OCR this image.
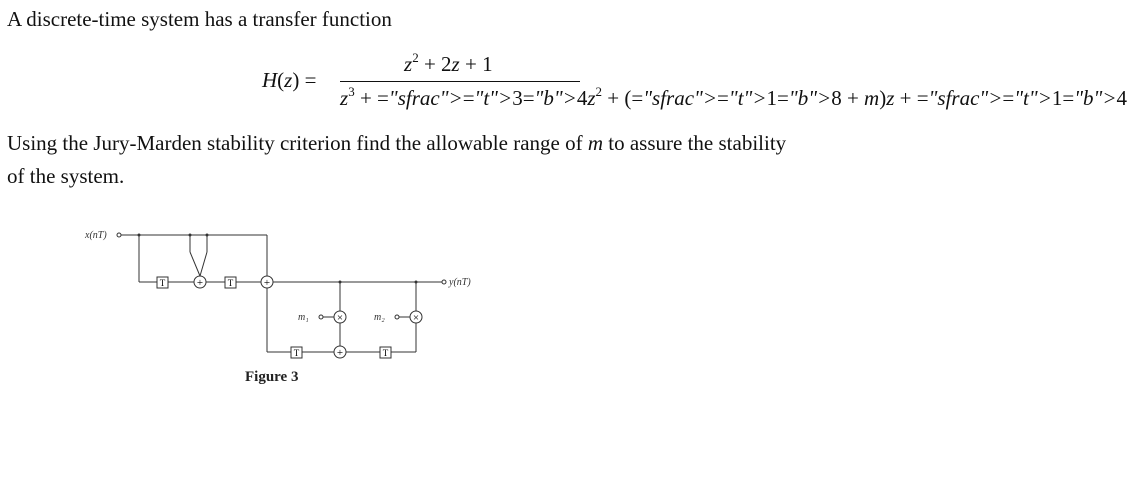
A discrete-time system has a transfer function
H(z) =
$z^2 + 2z + 1$
$z^3$ + $="sfrac">="t">3="b">4z^2$ + (="sfrac">="t">1="b">8 + m)z + ="sfrac">="t">1="b">4
Using the Jury-Marden stability criterion find the allowable range of m to assure the stability
of the system.
T	T
T	T
+	+
+
×	×
x(nT)
y(nT)
m₁	m₂
Figure 3
